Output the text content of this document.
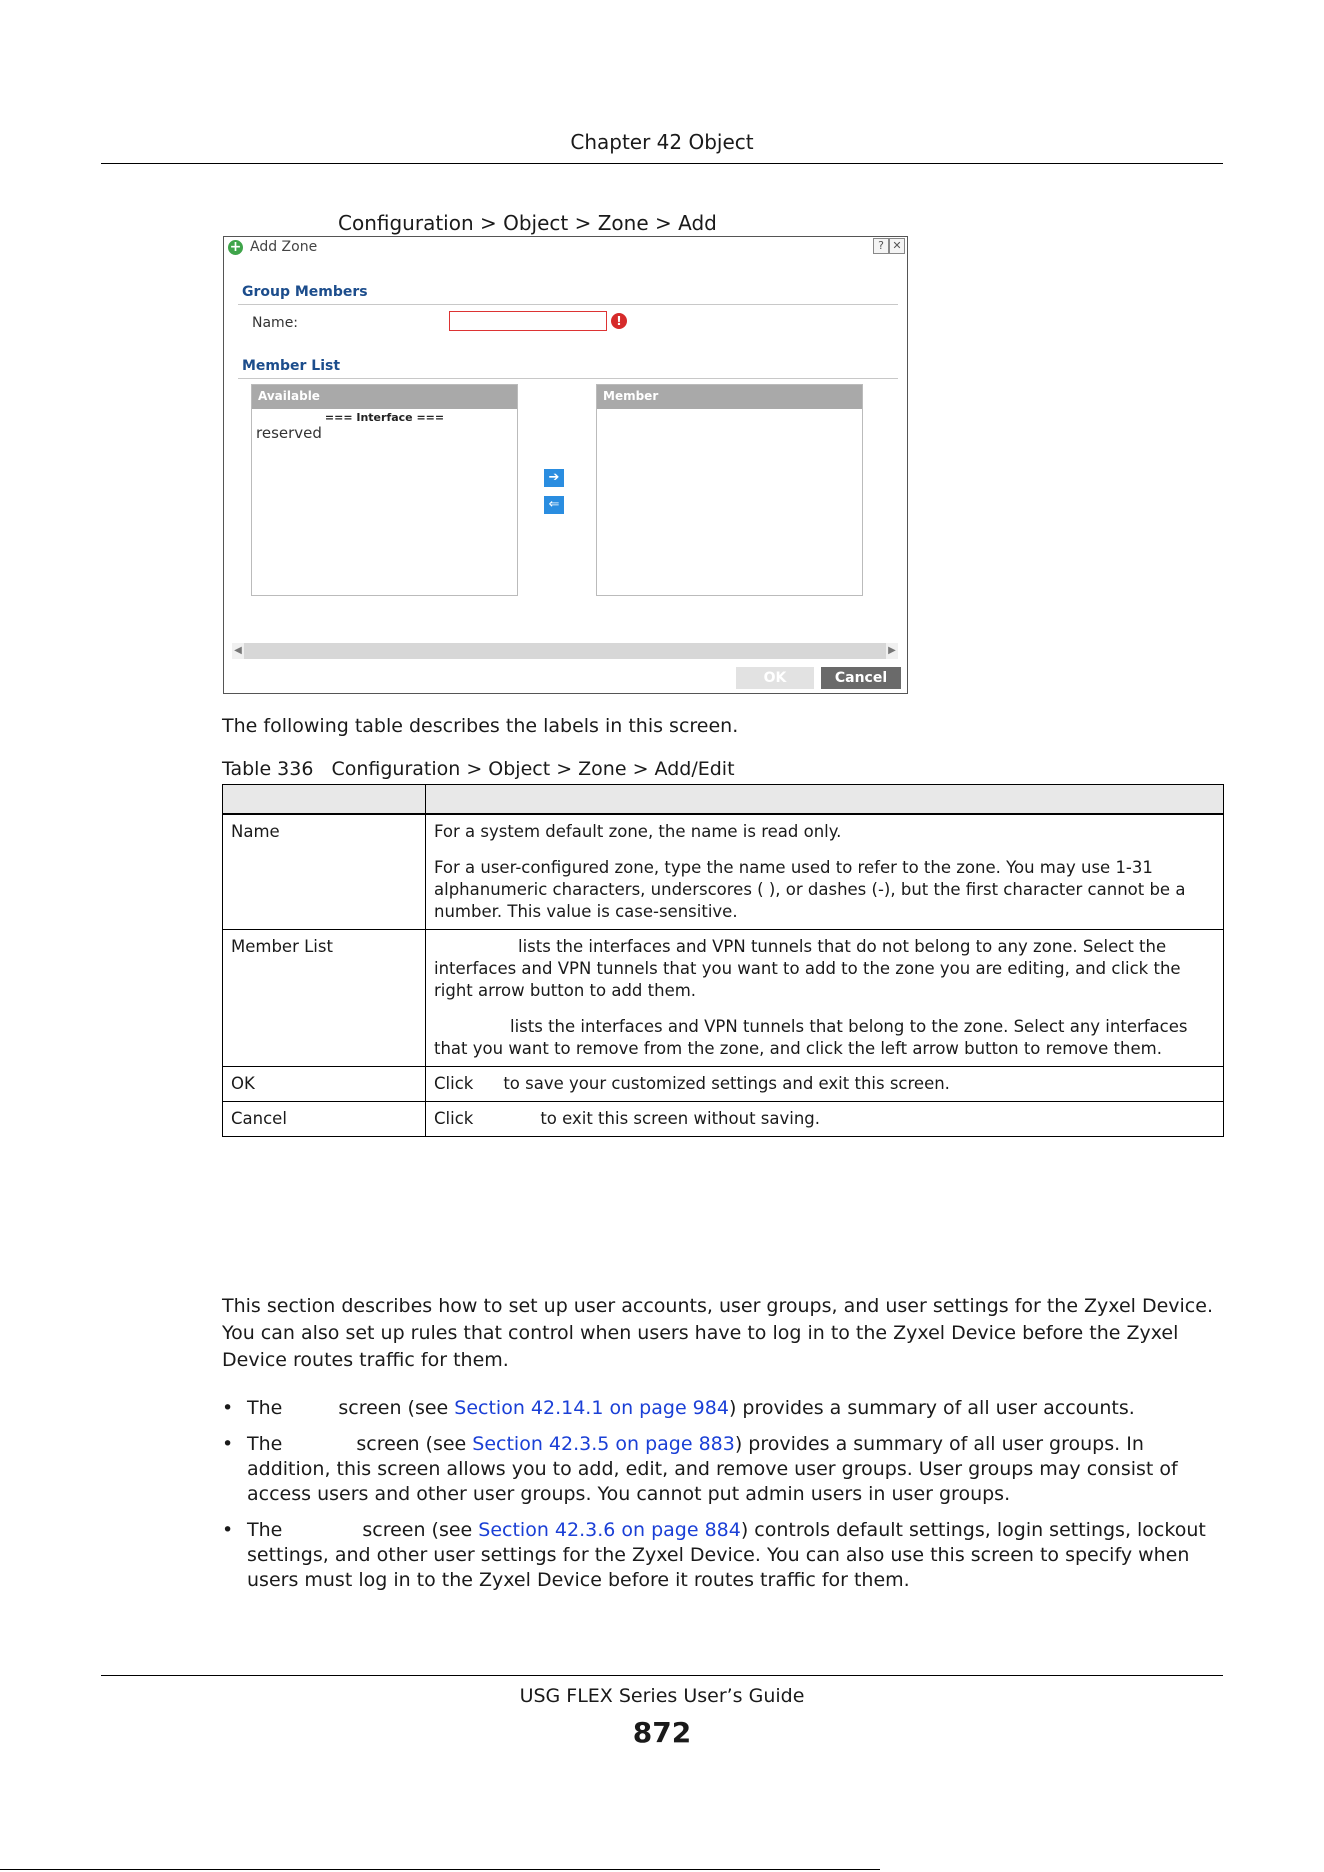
Chapter 42 Object
Configuration > Object > Zone > Add
+ Add Zone	? ✕
Group Members
Name:	!
Member List
Available
=== Interface ===
reserved
➔
⇐
Member
◀	▶
OK	Cancel
The following table describes the labels in this screen.
Table 336 Configuration > Object > Zone > Add/Edit

Name	For a system default zone, the name is read only.

For a user-configured zone, type the name used to refer to the zone. You may use 1-31 alphanumeric characters, underscores ( ), or dashes (-), but the first character cannot be a number. This value is case-sensitive.

Member List	lists the interfaces and VPN tunnels that do not belong to any zone. Select the interfaces and VPN tunnels that you want to add to the zone you are editing, and click the right arrow button to add them.

lists the interfaces and VPN tunnels that belong to the zone. Select any interfaces that you want to remove from the zone, and click the left arrow button to remove them.

OK	Click to save your customized settings and exit this screen.
Cancel	Click to exit this screen without saving.
This section describes how to set up user accounts, user groups, and user settings for the Zyxel Device.
You can also set up rules that control when users have to log in to the Zyxel Device before the Zyxel
Device routes traffic for them.
• The	screen (see Section 42.14.1 on page 984) provides a summary of all user accounts.
• The	screen (see Section 42.3.5 on page 883) provides a summary of all user groups. In addition, this screen allows you to add, edit, and remove user groups. User groups may consist of access users and other user groups. You cannot put admin users in user groups.
• The	screen (see Section 42.3.6 on page 884) controls default settings, login settings, lockout settings, and other user settings for the Zyxel Device. You can also use this screen to specify when users must log in to the Zyxel Device before it routes traffic for them.
USG FLEX Series User’s Guide
872
